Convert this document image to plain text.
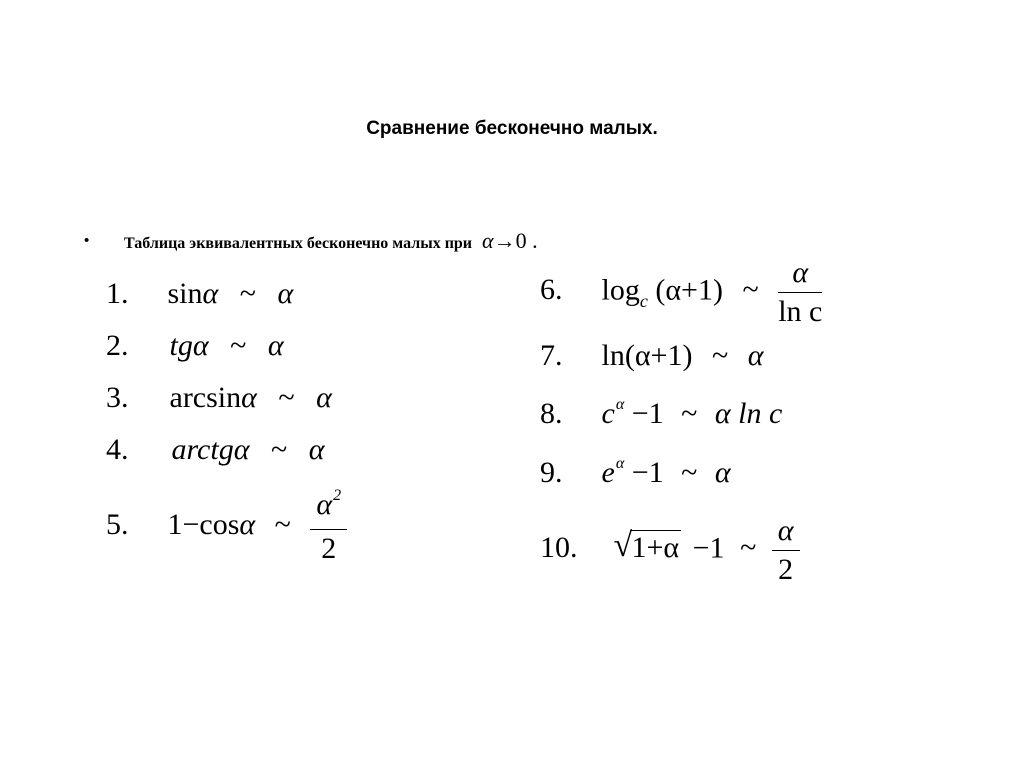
Сравнение бесконечно малых.
• Таблица эквивалентных бесконечно малых при α→0 .
1. sinα ~ α
2. tgα ~ α
3. arcsinα ~ α
4. arctgα ~ α
5. 1−cosα ~ $\frac{\alpha^2}{2}$
6. $\log_c (\alpha+1)$ ~ $\frac{\alpha}{\text{ln c}}$
7. ln(α+1) ~ α
8. $c^\alpha -1$ ~ α ln c
9. $e^\alpha -1$ ~ α
10. √ 1+α −1 ~ $\frac{\alpha}{2}$
